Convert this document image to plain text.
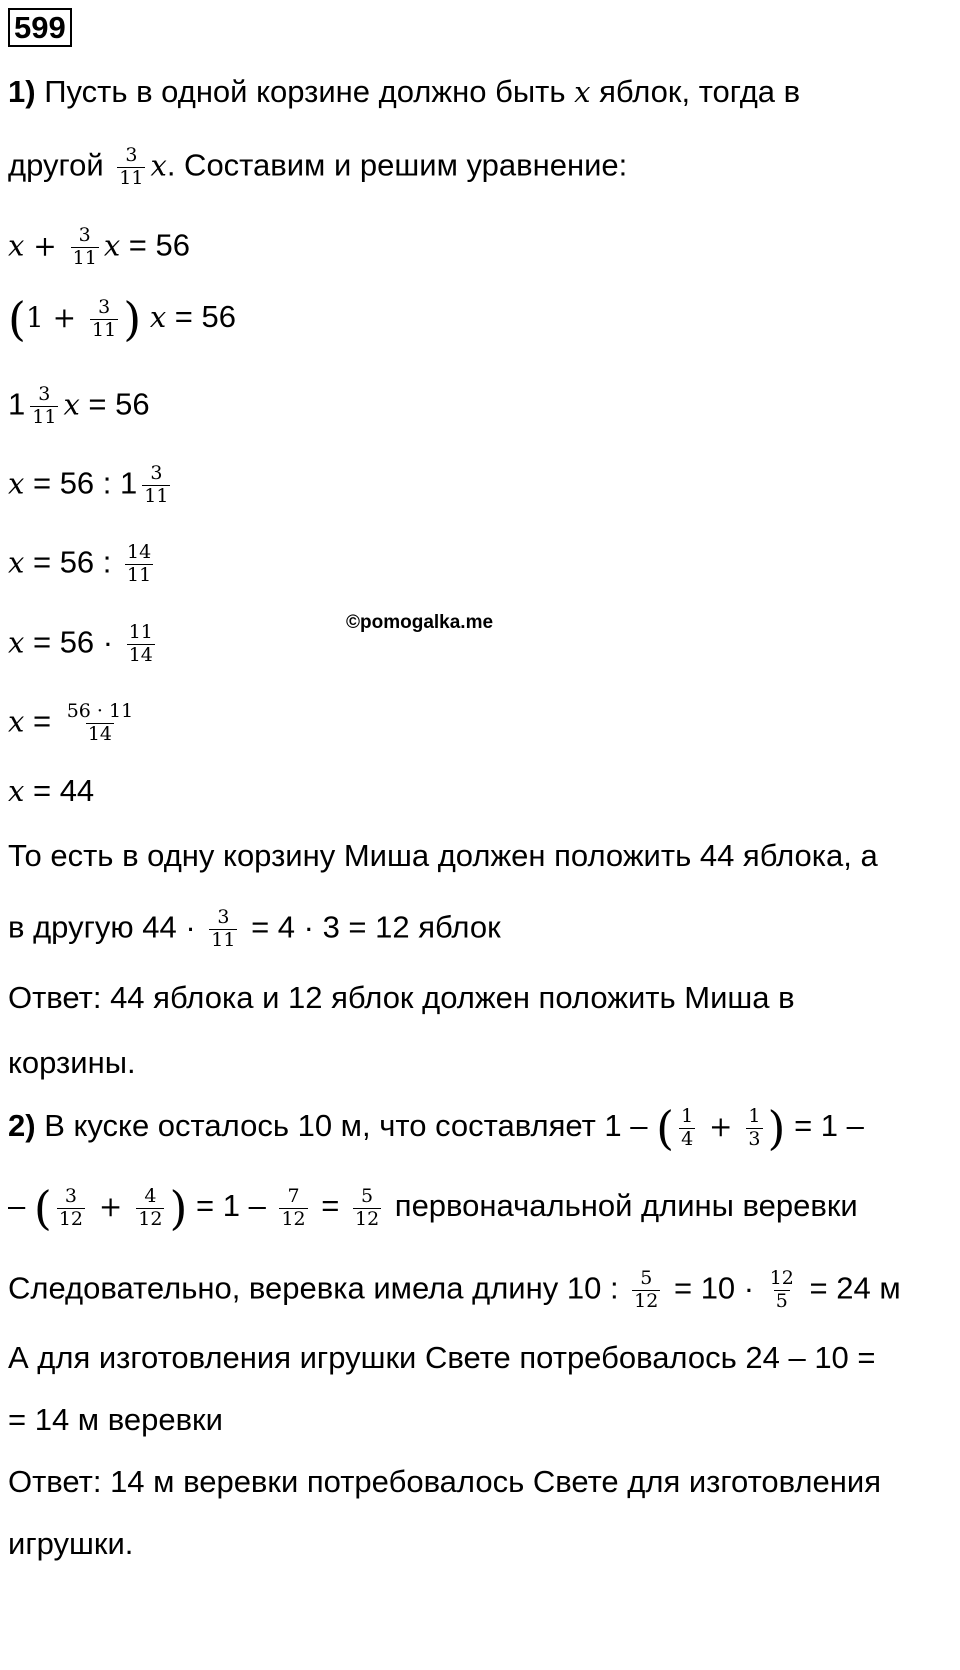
599
1) Пусть в одной корзине должно быть x яблок, тогда в
другой $\frac{3}{11} x$. Составим и решим уравнение:
$x + \frac{3}{11}$ x = 56
($1 + \frac{3}{11}$ ) x = 56
$1 \frac{3}{11}$ x = 56
x = 56 : $1 \frac{3}{11}$
x = 56 : $\frac{14}{11}$
©pomogalka.me
$x = 56 \cdot \frac{11}{14}$
$x = \frac{56 \cdot 11}{14}$
x = 44
То есть в одну корзину Миша должен положить 44 яблока, а
в другую $44 \cdot \frac{3}{11} = 4 \cdot 3 = 12$ яблок
Ответ: 44 яблока и 12 яблок должен положить Миша в
корзины.
2) В куске осталось 10 м, что составляет 1 – ( $\frac{1}{4} + \frac{1}{3}$ ) = 1 –
– ( $\frac{3}{12} + \frac{4}{12}$ ) = $1 - \frac{7}{12} = \frac{5}{12}$ первоначальной длины веревки
Следовательно, веревка имела длину 10 : $\frac{5}{12} = 10 \cdot \frac{12}{5} = 24$ м
А для изготовления игрушки Свете потребовалось 24 – 10 =
= 14 м веревки
Ответ: 14 м веревки потребовалось Свете для изготовления
игрушки.
